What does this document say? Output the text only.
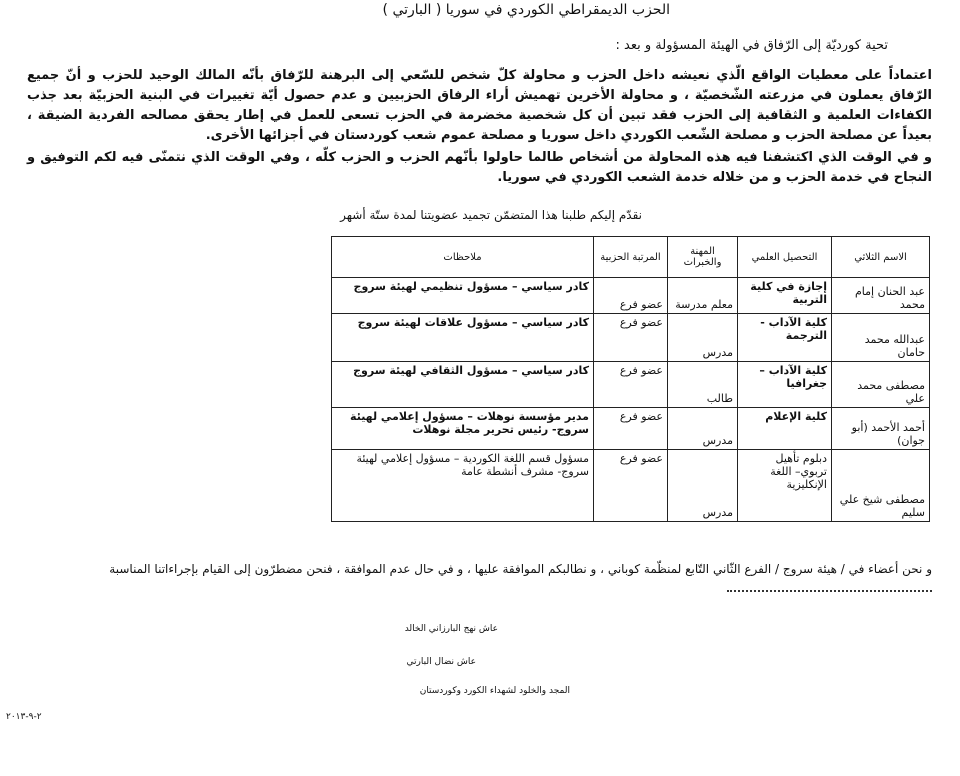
الحزب الديمقراطي الكوردي في سوريا ( البارتي )
تحية كورديّة إلى الرّفاق في الهيئة المسؤولة و بعد :
اعتماداً على معطيات الواقع الّذي نعيشه داخل الحزب و محاولة كلّ شخص للسّعي إلى البرهنة للرّفاق بأنّه المالك الوحيد للحزب و أنّ جميع الرّفاق يعملون في مزرعته الشّخصيّة ، و محاولة الأخرين تهميش أراء الرفاق الحزبيين و عدم حصول أيّة تغييرات في البنية الحزبيّة بعد جذب الكفاءات العلمية و الثقافية إلى الحزب فقد تبين أن كل شخصية مخضرمة في الحزب تسعى للعمل في إطار يحقق مصالحه الفردية الضيقة ، بعيداً عن مصلحة الحزب و مصلحة الشّعب الكوردي داخل سوريا و مصلحة عموم شعب كوردستان في أجزائها الأخرى.
و في الوقت الذي اكتشفنا فيه هذه المحاولة من أشخاص طالما حاولوا بأنّهم الحزب و الحزب كلّه ، وفي الوقت الذي نتمنّى فيه لكم التوفيق و النجاح في خدمة الحزب و من خلاله خدمة الشعب الكوردي في سوريا.
نقدّم إليكم طلبنا هذا المتضمّن تجميد عضويتنا لمدة ستّة أشهر
الاسم الثلاثي	التحصيل العلمي	المهنة والخبرات	المرتبة الحزبية	ملاحظات
عبد الحنان إمام محمد	إجازة في كلية التربية	معلم مدرسة	عضو فرع	كادر سياسي – مسؤول تنظيمي لهيئة سروج
عبدالله محمد حامان	كلية الآداب - الترجمة	مدرس	عضو فرع	كادر سياسي – مسؤول علاقات لهيئة سروج
مصطفى محمد علي	كلية الآداب – جغرافيا	طالب	عضو فرع	كادر سياسي – مسؤول الثقافي لهيئة سروج
أحمد الأحمد (أبو جوان)	كلية الإعلام	مدرس	عضو فرع	مدير مؤسسة نوهلات – مسؤول إعلامي لهيئة سروج- رئيس تحرير مجلة نوهلات
مصطفى شيخ علي سليم	دبلوم تأهيل تربوي– اللغة الإنكليزية	مدرس	عضو فرع	مسؤول قسم اللغة الكوردية – مسؤول إعلامي لهيئة سروج- مشرف أنشطة عامة
و نحن أعضاء في / هيئة سروج / الفرع الثّاني التّابع لمنظّمة كوباني ، و نطالبكم الموافقة عليها ، و في حال عدم الموافقة ، فنحن مضطرّون إلى القيام بإجراءاتنا المناسبة
عاش نهج البارزاني الخالد
عاش نضال البارتي
المجد والخلود لشهداء الكورد وكوردستان
٢-٩-٢٠١٣
